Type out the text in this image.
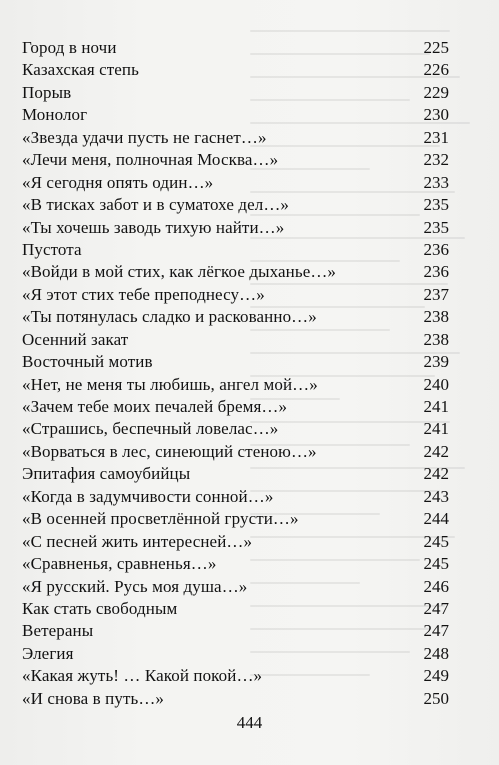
Город в ночи	225
Казахская степь	226
Порыв	229
Монолог	230
«Звезда удачи пусть не гаснет…»	231
«Лечи меня, полночная Москва…»	232
«Я сегодня опять один…»	233
«В тисках забот и в суматохе дел…»	235
«Ты хочешь заводь тихую найти…»	235
Пустота	236
«Войди в мой стих, как лёгкое дыханье…»	236
«Я этот стих тебе преподнесу…»	237
«Ты потянулась сладко и раскованно…»	238
Осенний закат	238
Восточный мотив	239
«Нет, не меня ты любишь, ангел мой…»	240
«Зачем тебе моих печалей бремя…»	241
«Страшись, беспечный ловелас…»	241
«Ворваться в лес, синеющий стеною…»	242
Эпитафия самоубийцы	242
«Когда в задумчивости сонной…»	243
«В осенней просветлённой грусти…»	244
«С песней жить интересней…»	245
«Сравненья, сравненья…»	245
«Я русский. Русь моя душа…»	246
Как стать свободным	247
Ветераны	247
Элегия	248
«Какая жуть! … Какой покой…»	249
«И снова в путь…»	250
444
